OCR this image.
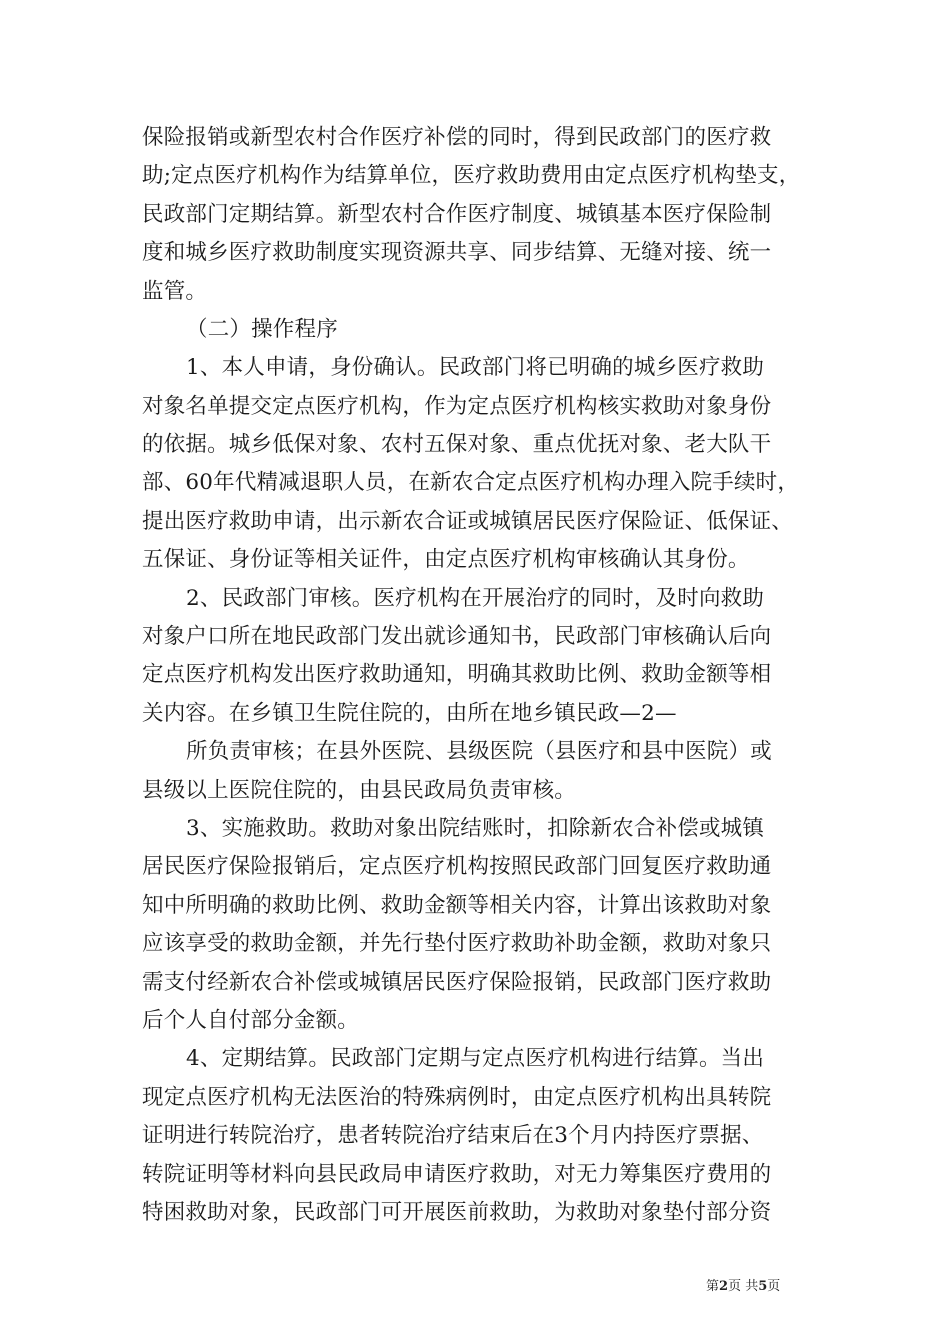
保险报销或新型农村合作医疗补偿的同时，得到民政部门的医疗救
助;定点医疗机构作为结算单位，医疗救助费用由定点医疗机构垫支，
民政部门定期结算。新型农村合作医疗制度、城镇基本医疗保险制
度和城乡医疗救助制度实现资源共享、同步结算、无缝对接、统一
监管。
（二）操作程序
1、本人申请，身份确认。民政部门将已明确的城乡医疗救助
对象名单提交定点医疗机构，作为定点医疗机构核实救助对象身份
的依据。城乡低保对象、农村五保对象、重点优抚对象、老大队干
部、60年代精减退职人员，在新农合定点医疗机构办理入院手续时，
提出医疗救助申请，出示新农合证或城镇居民医疗保险证、低保证、
五保证、身份证等相关证件，由定点医疗机构审核确认其身份。
2、民政部门审核。医疗机构在开展治疗的同时，及时向救助
对象户口所在地民政部门发出就诊通知书，民政部门审核确认后向
定点医疗机构发出医疗救助通知，明确其救助比例、救助金额等相
关内容。在乡镇卫生院住院的，由所在地乡镇民政—2—
所负责审核；在县外医院、县级医院（县医疗和县中医院）或
县级以上医院住院的，由县民政局负责审核。
3、实施救助。救助对象出院结账时，扣除新农合补偿或城镇
居民医疗保险报销后，定点医疗机构按照民政部门回复医疗救助通
知中所明确的救助比例、救助金额等相关内容，计算出该救助对象
应该享受的救助金额，并先行垫付医疗救助补助金额，救助对象只
需支付经新农合补偿或城镇居民医疗保险报销，民政部门医疗救助
后个人自付部分金额。
4、定期结算。民政部门定期与定点医疗机构进行结算。当出
现定点医疗机构无法医治的特殊病例时，由定点医疗机构出具转院
证明进行转院治疗，患者转院治疗结束后在3个月内持医疗票据、
转院证明等材料向县民政局申请医疗救助，对无力筹集医疗费用的
特困救助对象，民政部门可开展医前救助，为救助对象垫付部分资
第2页 共5页
